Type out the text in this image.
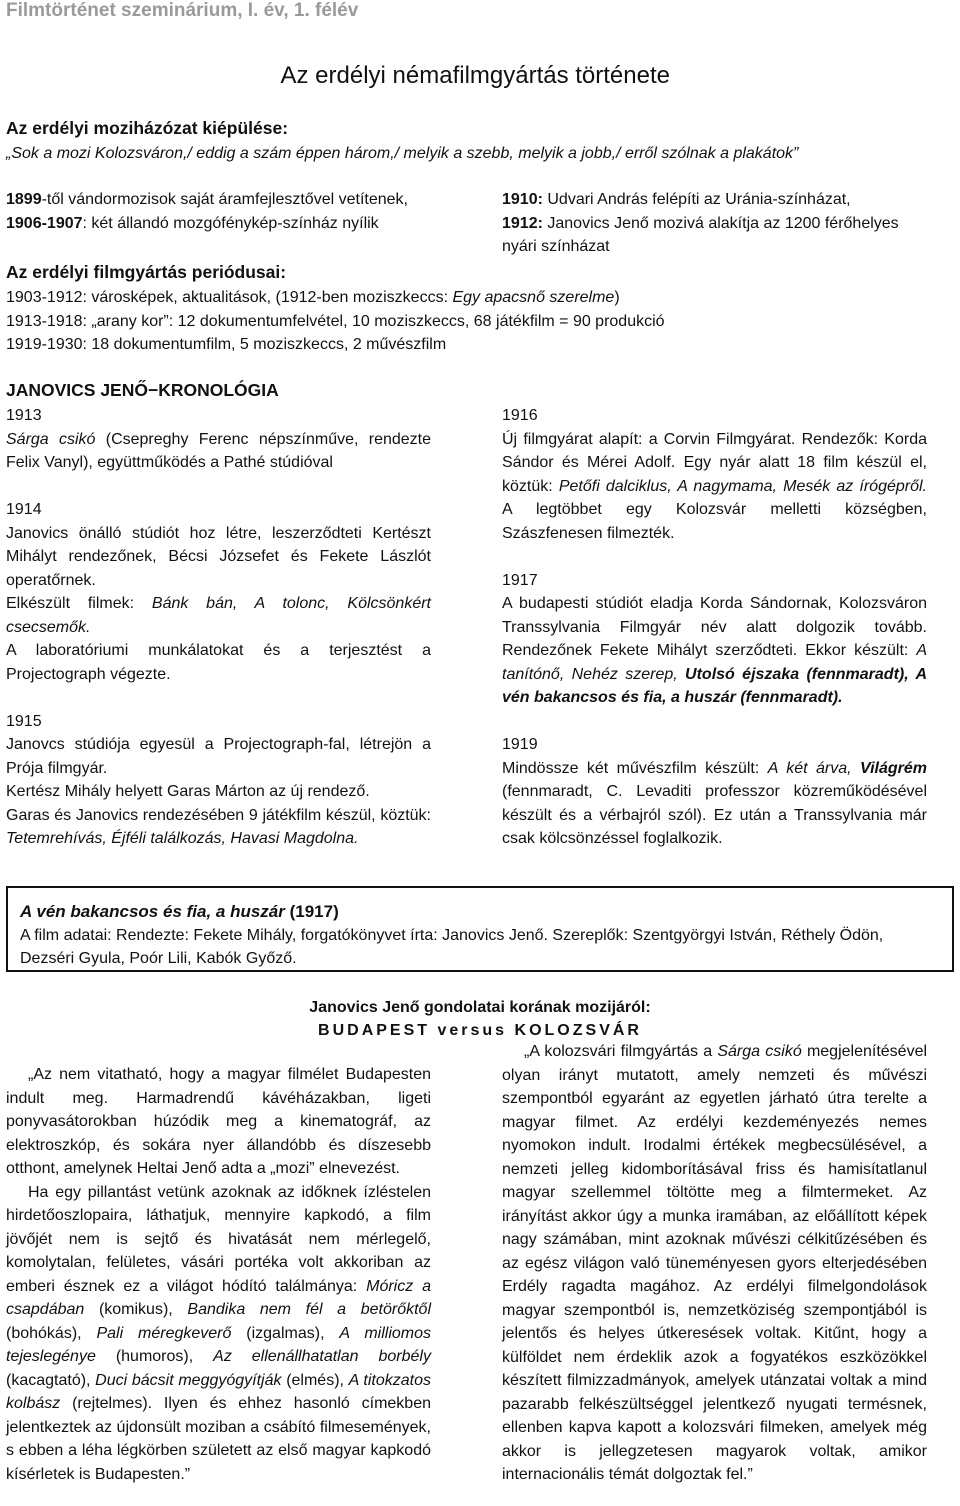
Filmtörténet szeminárium, I. év, 1. félév
Az erdélyi némafilmgyártás története
Az erdélyi moziházózat kiépülése:
„Sok a mozi Kolozsváron,/ eddig a szám éppen három,/ melyik a szebb, melyik a jobb,/ erről szólnak a plakátok”
1899-től vándormozisok saját áramfejlesztővel vetítenek,
1906-1907: két állandó mozgófénykép-színház nyílik
1910: Udvari András felépíti az Uránia-színházat,
1912: Janovics Jenő mozivá alakítja az 1200 férőhelyes
nyári színházat
Az erdélyi filmgyártás periódusai:
1903-1912: városképek, aktualitások, (1912-ben moziszkeccs: Egy apacsnő szerelme)
1913-1918: „arany kor”: 12 dokumentumfelvétel, 10 moziszkeccs, 68 játékfilm = 90 produkció
1919-1930: 18 dokumentumfilm, 5 moziszkeccs, 2 művészfilm
JANOVICS JENŐ−KRONOLÓGIA
1913
Sárga csikó (Csepreghy Ferenc népszínműve, rendezte Felix Vanyl), együttműködés a Pathé stúdióval
1914
Janovics önálló stúdiót hoz létre, leszerződteti Kertészt Mihályt rendezőnek, Bécsi Józsefet és Fekete Lászlót operatőrnek.
Elkészült filmek: Bánk bán, A tolonc, Kölcsönkért csecsemők.
A laboratóriumi munkálatokat és a terjesztést a Projectograph végezte.
1915
Janovcs stúdiója egyesül a Projectograph-fal, létrejön a Prója filmgyár.
Kertész Mihály helyett Garas Márton az új rendező.
Garas és Janovics rendezésében 9 játékfilm készül, köztük: Tetemrehívás, Éjféli találkozás, Havasi Magdolna.
1916
Új filmgyárat alapít: a Corvin Filmgyárat. Rendezők: Korda Sándor és Mérei Adolf. Egy nyár alatt 18 film készül el, köztük: Petőfi dalciklus, A nagymama, Mesék az írógépről. A legtöbbet egy Kolozsvár melletti községben, Szászfenesen filmezték.
1917
A budapesti stúdiót eladja Korda Sándornak, Kolozsváron Transsylvania Filmgyár név alatt dolgozik tovább. Rendezőnek Fekete Mihályt szerződteti. Ekkor készült: A tanítónő, Nehéz szerep, Utolsó éjszaka (fennmaradt), A vén bakancsos és fia, a huszár (fennmaradt).
1919
Mindössze két művészfilm készült: A két árva, Világrém (fennmaradt, C. Levaditi professzor közreműködésével készült és a vérbajról szól). Ez után a Transsylvania már csak kölcsönzéssel foglalkozik.
A vén bakancsos és fia, a huszár (1917)
A film adatai: Rendezte: Fekete Mihály, forgatókönyvet írta: Janovics Jenő. Szereplők: Szentgyörgyi István, Réthely Ödön, Dezséri Gyula, Poór Lili, Kabók Győző.
Janovics Jenő gondolatai korának mozijáról:
BUDAPEST versus KOLOZSVÁR
„Az nem vitatható, hogy a magyar filmélet Budapesten indult meg. Harmadrendű kávéházakban, ligeti ponyvasátorokban húzódik meg a kinematográf, az elektroszkóp, és sokára nyer állandóbb és díszesebb otthont, amelynek Heltai Jenő adta a „mozi” elnevezést.
Ha egy pillantást vetünk azoknak az időknek ízléstelen hirdetőoszlopaira, láthatjuk, mennyire kapkodó, a film jövőjét nem is sejtő és hivatását nem mérlegelő, komolytalan, felületes, vásári portéka volt akkoriban az emberi észnek ez a világot hódító találmánya: Móricz a csapdában (komikus), Bandika nem fél a betörőktől (bohókás), Pali méregkeverő (izgalmas), A milliomos tejeslegénye (humoros), Az ellenállhatatlan borbély (kacagtató), Duci bácsit meggyógyítják (elmés), A titokzatos kolbász (rejtelmes). Ilyen és ehhez hasonló címekben jelentkeztek az újdonsült moziban a csábító filmesemények, s ebben a léha légkörben született az első magyar kapkodó kísérletek is Budapesten.”
„A kolozsvári filmgyártás a Sárga csikó megjelenítésével olyan irányt mutatott, amely nemzeti és művészi szempontból egyaránt az egyetlen járható útra terelte a magyar filmet. Az erdélyi kezdeményezés nemes nyomokon indult. Irodalmi értékek megbecsülésével, a nemzeti jelleg kidomborításával friss és hamisítatlanul magyar szellemmel töltötte meg a filmtermeket. Az irányítást akkor úgy a munka iramában, az előállított képek nagy számában, mint azoknak művészi célkitűzésében és az egész világon való tüneményesen gyors elterjedésében Erdély ragadta magához. Az erdélyi filmelgondolások magyar szempontból is, nemzetköziség szempontjából is jelentős és helyes útkeresések voltak. Kitűnt, hogy a külföldet nem érdeklik azok a fogyatékos eszközökkel készített filmizzadmányok, amelyek utánzatai voltak a mind pazarabb felkészültséggel jelentkező nyugati termésnek, ellenben kapva kapott a kolozsvári filmeken, amelyek még akkor is jellegzetesen magyarok voltak, amikor internacionális témát dolgoztak fel.”
